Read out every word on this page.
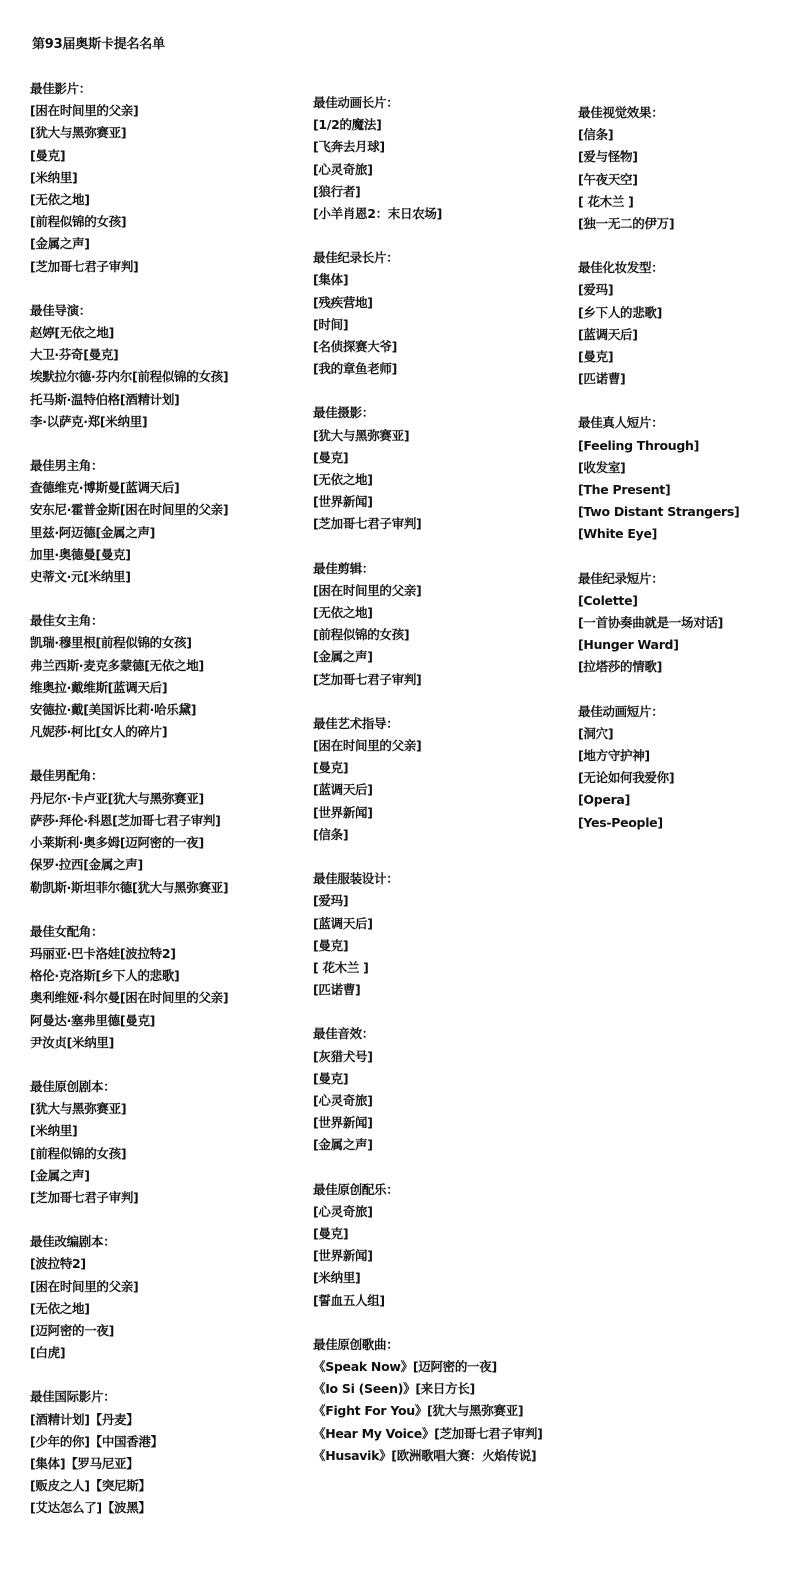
第93届奥斯卡提名名单
最佳影片：
[困在时间里的父亲]
[犹大与黑弥赛亚]
[曼克]
[米纳里]
[无依之地]
[前程似锦的女孩]
[金属之声]
[芝加哥七君子审判]
最佳导演：
赵婷[无依之地]
大卫·芬奇[曼克]
埃默拉尔德·芬内尔[前程似锦的女孩]
托马斯·温特伯格[酒精计划]
李·以萨克·郑[米纳里]
最佳男主角：
查德维克·博斯曼[蓝调天后]
安东尼·霍普金斯[困在时间里的父亲]
里兹·阿迈德[金属之声]
加里·奥德曼[曼克]
史蒂文·元[米纳里]
最佳女主角：
凯瑞·穆里根[前程似锦的女孩]
弗兰西斯·麦克多蒙德[无依之地]
维奥拉·戴维斯[蓝调天后]
安德拉·戴[美国诉比莉·哈乐黛]
凡妮莎·柯比[女人的碎片]
最佳男配角：
丹尼尔·卡卢亚[犹大与黑弥赛亚]
萨莎·拜伦·科恩[芝加哥七君子审判]
小莱斯利·奥多姆[迈阿密的一夜]
保罗·拉西[金属之声]
勒凯斯·斯坦菲尔德[犹大与黑弥赛亚]
最佳女配角：
玛丽亚·巴卡洛娃[波拉特2]
格伦·克洛斯[乡下人的悲歌]
奥利维娅·科尔曼[困在时间里的父亲]
阿曼达·塞弗里德[曼克]
尹汝贞[米纳里]
最佳原创剧本：
[犹大与黑弥赛亚]
[米纳里]
[前程似锦的女孩]
[金属之声]
[芝加哥七君子审判]
最佳改编剧本：
[波拉特2]
[困在时间里的父亲]
[无依之地]
[迈阿密的一夜]
[白虎]
最佳国际影片：
[酒精计划]【丹麦】
[少年的你]【中国香港】
[集体]【罗马尼亚】
[贩皮之人]【突尼斯】
[艾达怎么了]【波黑】
最佳动画长片：
[1/2的魔法]
[飞奔去月球]
[心灵奇旅]
[狼行者]
[小羊肖恩2：末日农场]
最佳纪录长片：
[集体]
[残疾营地]
[时间]
[名侦探赛大爷]
[我的章鱼老师]
最佳摄影：
[犹大与黑弥赛亚]
[曼克]
[无依之地]
[世界新闻]
[芝加哥七君子审判]
最佳剪辑：
[困在时间里的父亲]
[无依之地]
[前程似锦的女孩]
[金属之声]
[芝加哥七君子审判]
最佳艺术指导：
[困在时间里的父亲]
[曼克]
[蓝调天后]
[世界新闻]
[信条]
最佳服装设计：
[爱玛]
[蓝调天后]
[曼克]
[ 花木兰 ]
[匹诺曹]
最佳音效：
[灰猎犬号]
[曼克]
[心灵奇旅]
[世界新闻]
[金属之声]
最佳原创配乐：
[心灵奇旅]
[曼克]
[世界新闻]
[米纳里]
[誓血五人组]
最佳原创歌曲：
《Speak Now》[迈阿密的一夜]
《Io Si (Seen)》[来日方长]
《Fight For You》[犹大与黑弥赛亚]
《Hear My Voice》[芝加哥七君子审判]
《Husavik》[欧洲歌唱大赛：火焰传说]
最佳视觉效果：
[信条]
[爱与怪物]
[午夜天空]
[ 花木兰 ]
[独一无二的伊万]
最佳化妆发型：
[爱玛]
[乡下人的悲歌]
[蓝调天后]
[曼克]
[匹诺曹]
最佳真人短片：
[Feeling Through]
[收发室]
[The Present]
[Two Distant Strangers]
[White Eye]
最佳纪录短片：
[Colette]
[一首协奏曲就是一场对话]
[Hunger Ward]
[拉塔莎的情歌]
最佳动画短片：
[洞穴]
[地方守护神]
[无论如何我爱你]
[Opera]
[Yes-People]
